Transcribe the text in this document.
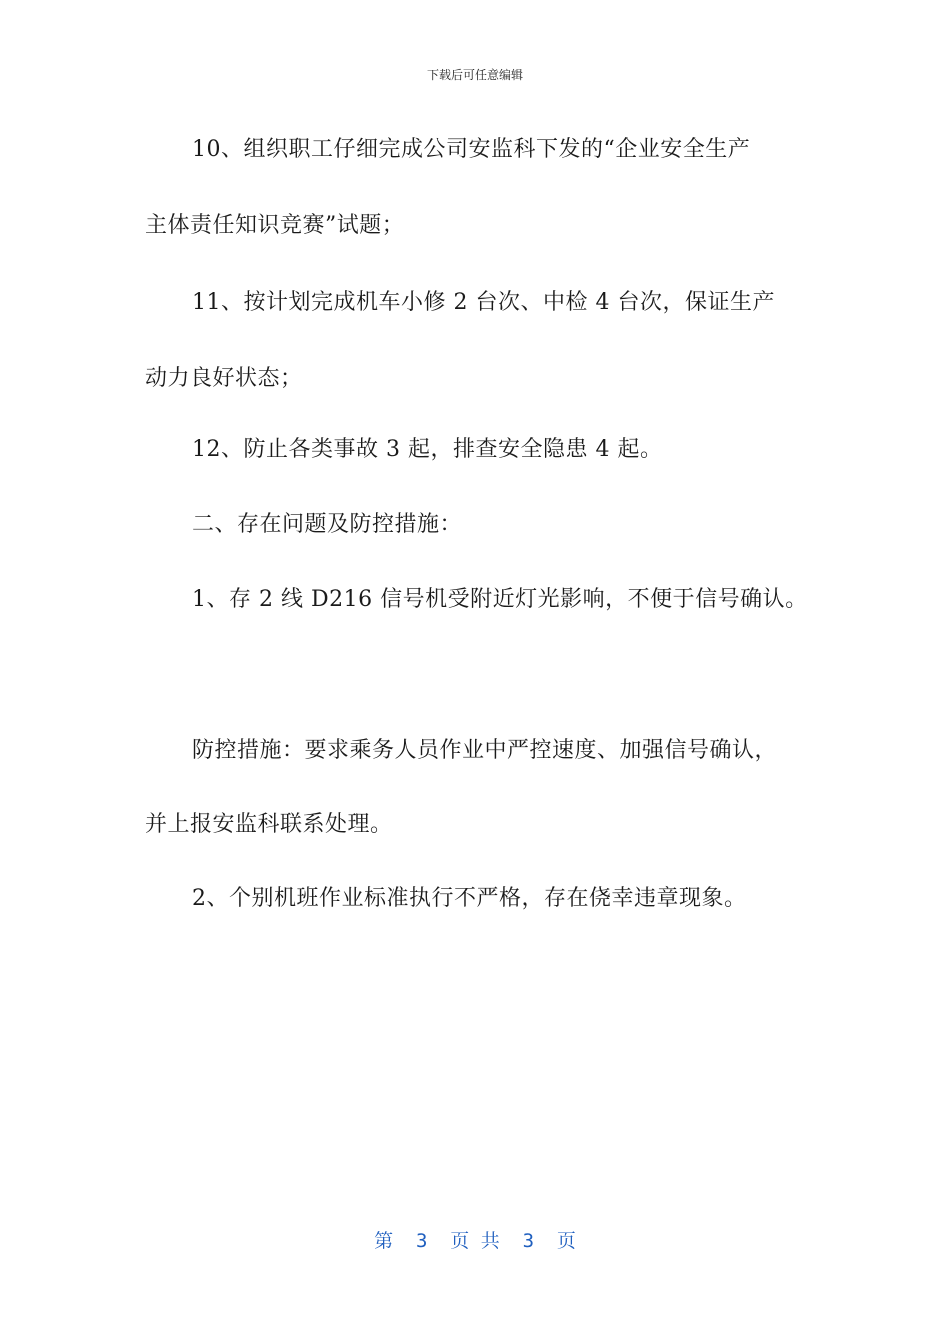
下载后可任意编辑
10、组织职工仔细完成公司安监科下发的“企业安全生产
主体责任知识竞赛”试题；
11、按计划完成机车小修 2 台次、中检 4 台次，保证生产
动力良好状态；
12、防止各类事故 3 起，排查安全隐患 4 起。
二、存在问题及防控措施：
1、存 2 线 D216 信号机受附近灯光影响，不便于信号确认。
防控措施：要求乘务人员作业中严控速度、加强信号确认，
并上报安监科联系处理。
2、个别机班作业标准执行不严格，存在侥幸违章现象。
第  3  页 共  3  页
